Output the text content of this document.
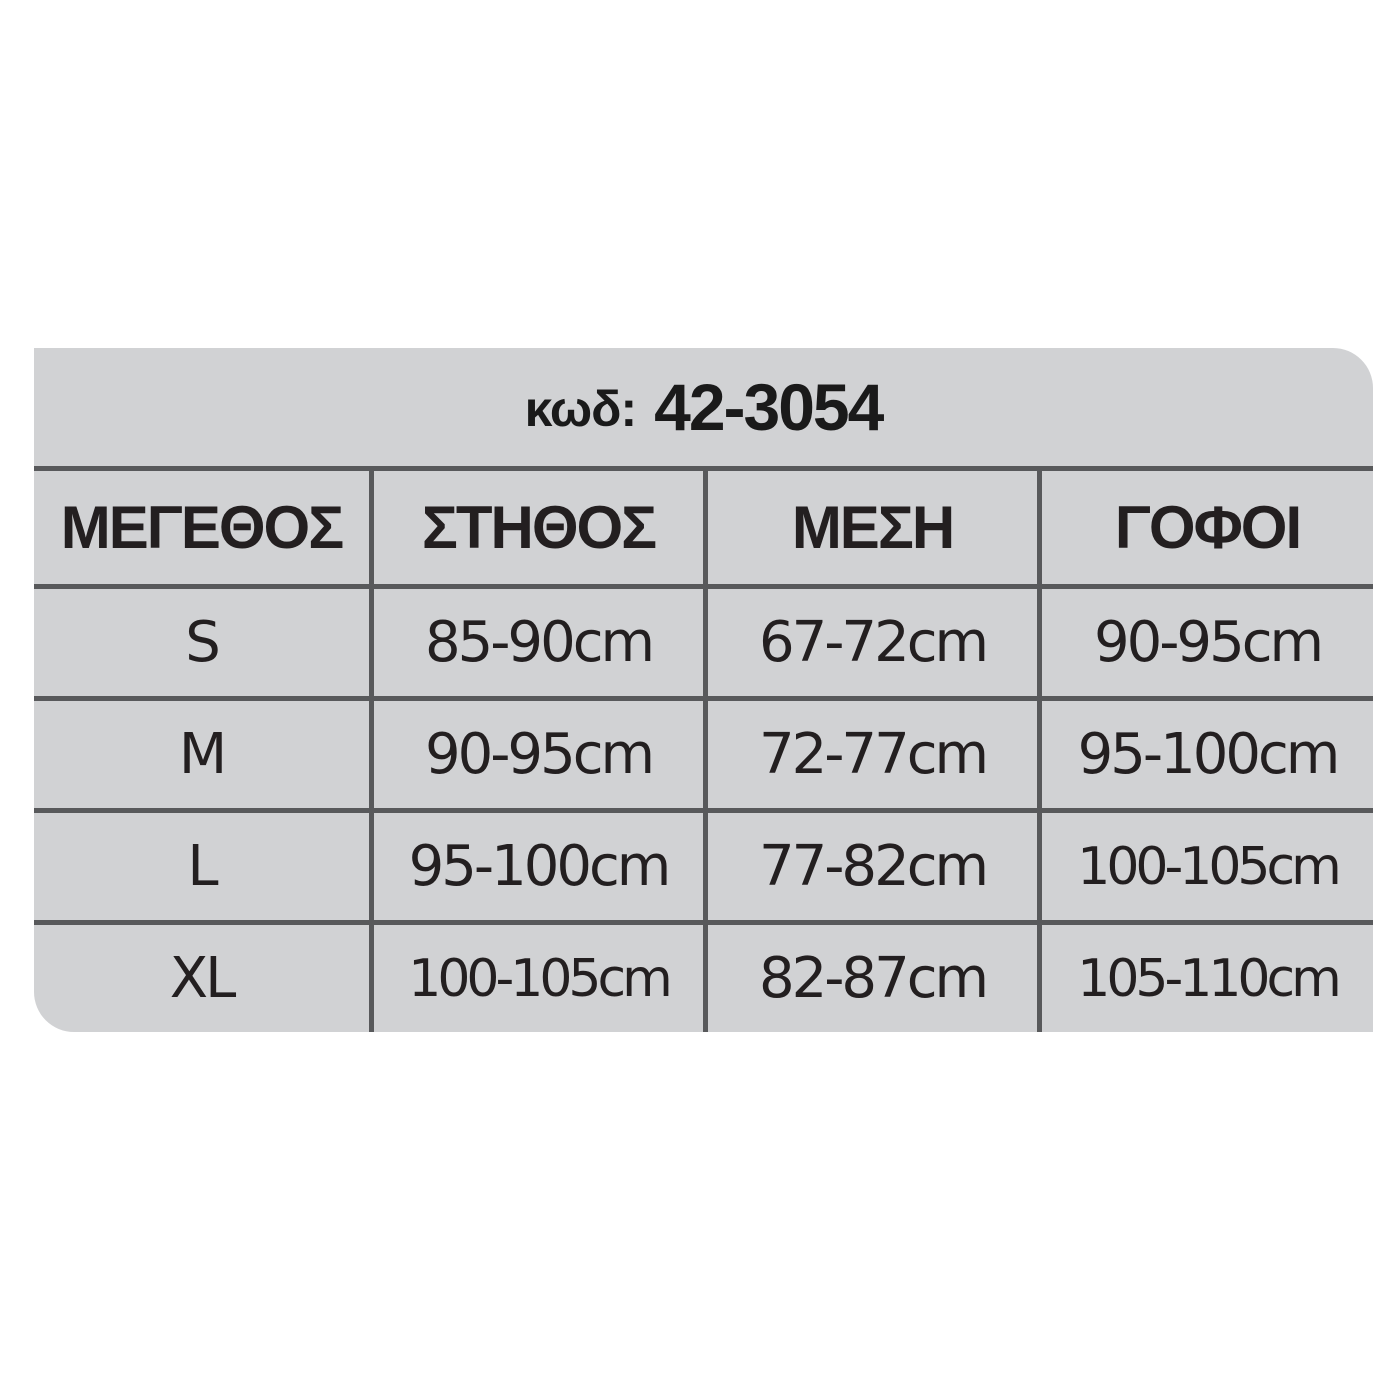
κωδ: 42-3054
ΜΕΓΕΘΟΣ	ΣΤΗΘΟΣ	ΜΕΣΗ	ΓΟΦΟΙ
S	85-90cm	67-72cm	90-95cm
M	90-95cm	72-77cm	95-100cm
L	95-100cm	77-82cm	100-105cm
XL	100-105cm	82-87cm	105-110cm
